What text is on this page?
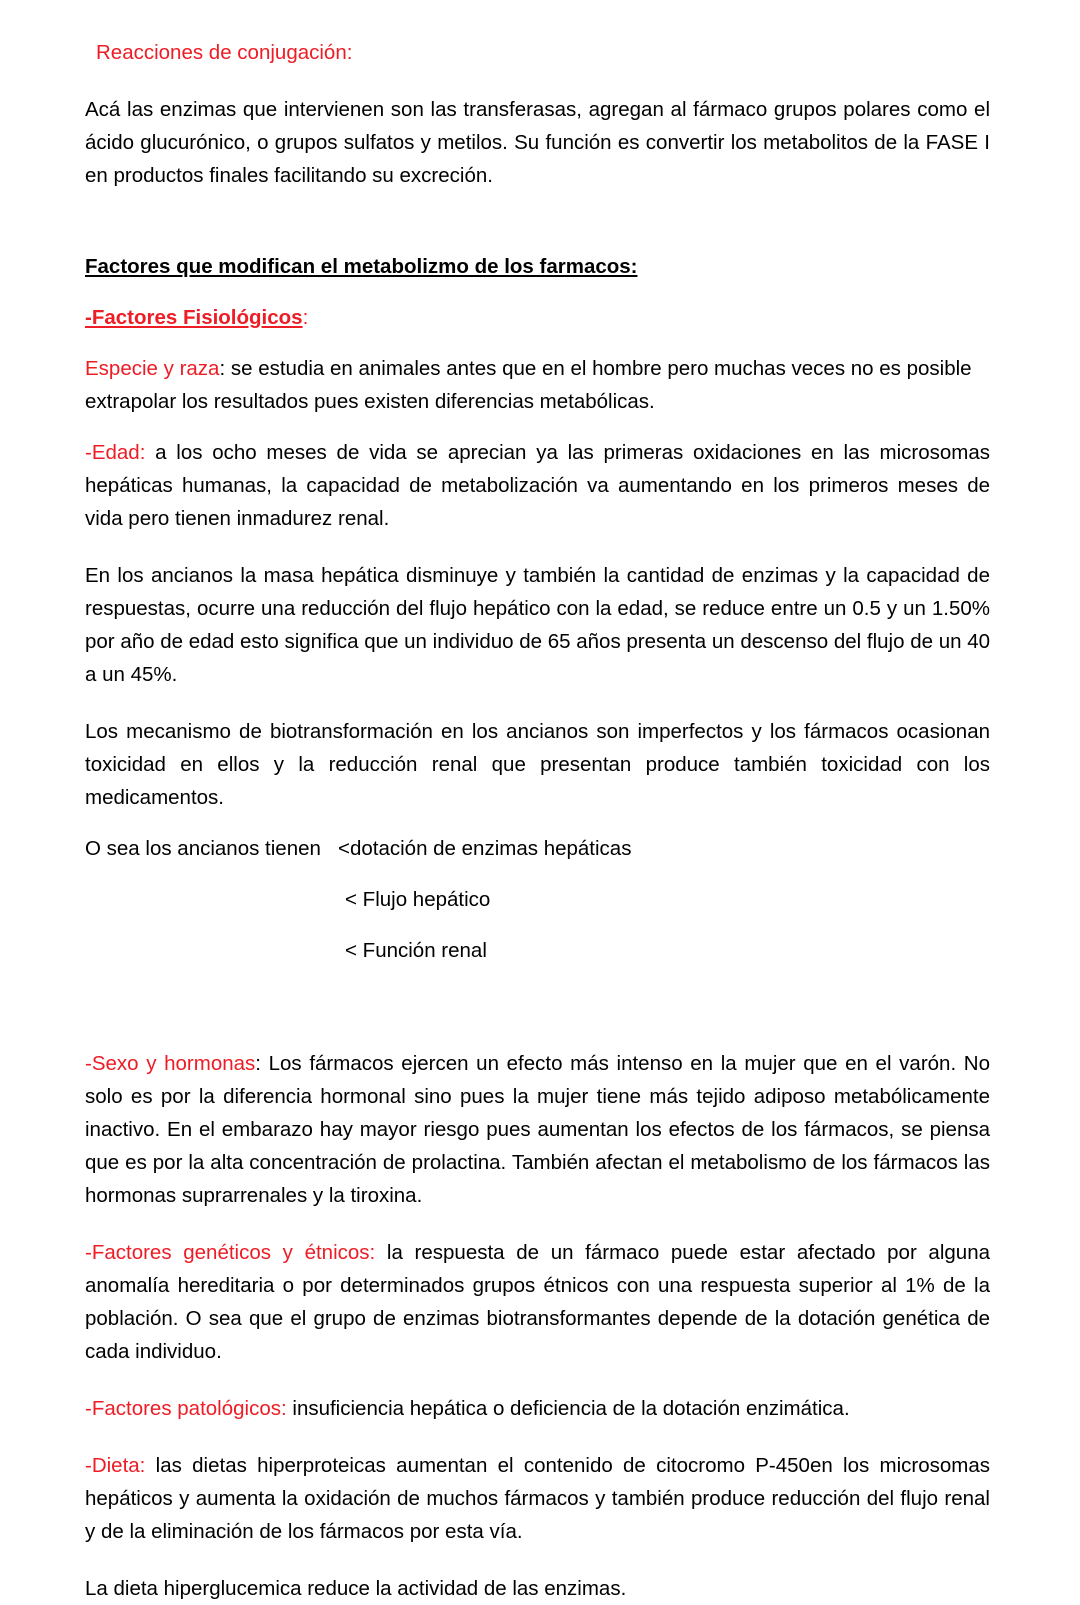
Reacciones de conjugación:

Acá las enzimas que intervienen son las transferasas, agregan al fármaco grupos polares como el ácido glucurónico, o grupos sulfatos y metilos. Su función es convertir los metabolitos de la FASE I en productos finales facilitando su excreción.

Factores que modifican el metabolizmo de los farmacos:

-Factores Fisiológicos:

Especie y raza: se estudia en animales antes que en el hombre pero muchas veces no es posible extrapolar los resultados pues existen diferencias metabólicas.

-Edad: a los ocho meses de vida se aprecian ya las primeras oxidaciones en las microsomas hepáticas humanas, la capacidad de metabolización va aumentando en los primeros meses de vida pero tienen inmadurez renal.

En los ancianos la masa hepática disminuye y también la cantidad de enzimas y la capacidad de respuestas, ocurre una reducción del flujo hepático con la edad, se reduce entre un 0.5 y un 1.50% por año de edad esto significa que un individuo de 65 años presenta un descenso del flujo de un 40 a un 45%.

Los mecanismo de biotransformación en los ancianos son imperfectos y los fármacos ocasionan toxicidad en ellos y la reducción renal que presentan produce también toxicidad con los medicamentos.

O sea los ancianos tienen   <dotación de enzimas hepáticas

< Flujo hepático

< Función renal

-Sexo y hormonas: Los fármacos ejercen un efecto más intenso en la mujer que en el varón. No solo es por la diferencia hormonal sino pues la mujer tiene más tejido adiposo metabólicamente inactivo. En el embarazo hay mayor riesgo pues aumentan los efectos de los fármacos, se piensa que es por la alta concentración de prolactina. También afectan el metabolismo de los fármacos las hormonas suprarrenales y la tiroxina.

-Factores genéticos y étnicos: la respuesta de un fármaco puede estar afectado por alguna anomalía hereditaria o por determinados grupos étnicos con una respuesta superior al 1% de la población. O sea que el grupo de enzimas biotransformantes depende de la dotación genética de cada individuo.

-Factores patológicos: insuficiencia hepática o deficiencia de la dotación enzimática.

-Dieta: las dietas hiperproteicas aumentan el contenido de citocromo P-450en los microsomas hepáticos y aumenta la oxidación de muchos fármacos y también produce reducción del flujo renal y de la eliminación de los fármacos por esta vía.

La dieta hiperglucemica reduce la actividad de las enzimas.
